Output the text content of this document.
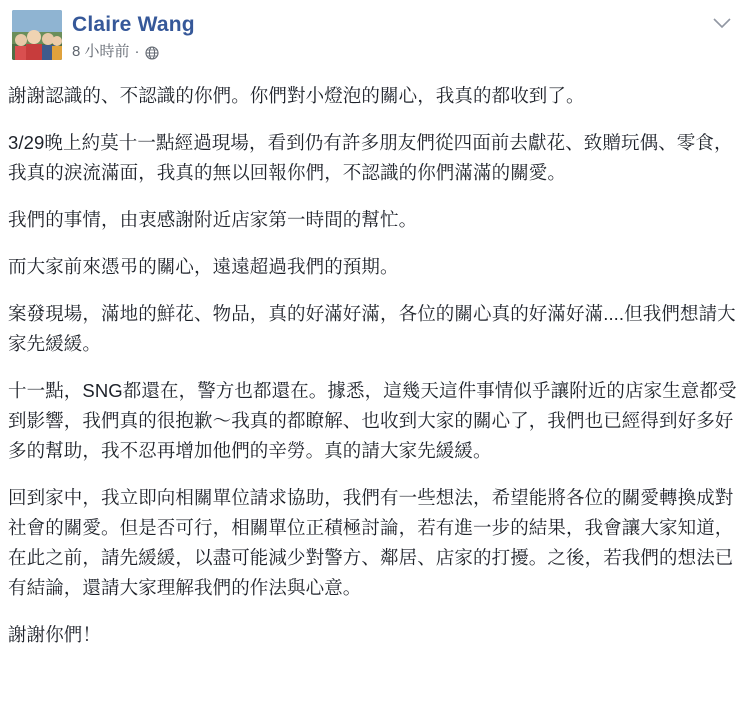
Claire Wang
8 小時前 ·

謝謝認識的、不認識的你們。你們對小燈泡的關心，我真的都收到了。

3/29晚上約莫十一點經過現場，看到仍有許多朋友們從四面前去獻花、致贈玩偶、零食，我真的淚流滿面，我真的無以回報你們，不認識的你們滿滿的關愛。

我們的事情，由衷感謝附近店家第一時間的幫忙。

而大家前來憑弔的關心，遠遠超過我們的預期。

案發現場，滿地的鮮花、物品，真的好滿好滿，各位的關心真的好滿好滿....但我們想請大家先緩緩。

十一點，SNG都還在，警方也都還在。據悉，這幾天這件事情似乎讓附近的店家生意都受到影響，我們真的很抱歉～我真的都瞭解、也收到大家的關心了，我們也已經得到好多好多的幫助，我不忍再增加他們的辛勞。真的請大家先緩緩。

回到家中，我立即向相關單位請求協助，我們有一些想法，希望能將各位的關愛轉換成對社會的關愛。但是否可行，相關單位正積極討論，若有進一步的結果，我會讓大家知道，在此之前，請先緩緩，以盡可能減少對警方、鄰居、店家的打擾。之後，若我們的想法已有結論，還請大家理解我們的作法與心意。

謝謝你們！
